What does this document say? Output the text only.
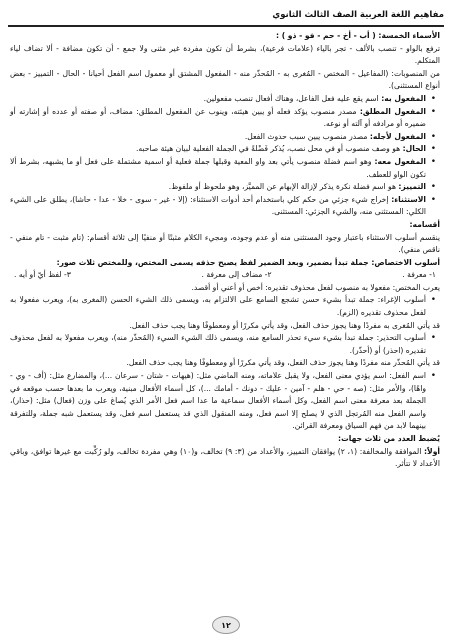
مفاهيم اللغة العربية الصف الثالث الثانوي

الأسماء الخمسة: ( أب - أخ - حم - فو - ذو ) :

ترفع بالواو - تنصب بالألف - تجر بالياء (علامات فرعية)، بشرط أن تكون مفردة غير مثنى ولا جمع - أن تكون مضافة - ألا تضاف لياء المتكلم.

من المنصوبات: (المفاعيل - المختص - المُغرى به - المُحذّر منه - المفعول المشتق أو معمول اسم الفعل أحيانا - الحال - التمييز - بعض أنواع المستثنى).

• المفعول به: اسم يقع عليه فعل الفاعل، وهناك أفعال تنصب مفعولين.
• المفعول المطلق: مصدر منصوب يؤكد فعله أو يبين هيئته، وينوب عن المفعول المطلق: مضاف، أو صفته أو عدده أو إشارته أو ضميره أو مرادفه أو آلته أو نوعه.
• المفعول لأجله: مصدر منصوب يبين سبب حدوث الفعل.
• الحال: هو وصف منصوب أو في محل نصب، يُذكر فَضْلةً في الجملة الفعلية لبيان هيئة صاحبه.
• المفعول معه: وهو اسم فضلة منصوب يأتي بعد واو المعية وقبلها جملة فعلية أو اسمية مشتملة على فعل أو ما يشبهه، بشرط ألا تكون الواو للعطف.
• التمييز: هو اسم فضلة نكرة يذكر لإزالة الإبهام عن المميَّز، وهو ملحوظ أو ملفوظ.
• الاستثناء: إخراج شيء جزئي من حكم كلي باستخدام أحد أدوات الاستثناء: (إلا - غير - سوى - خلا - عدا - حاشا)، يطلق على الشيء الكلي: المستثنى منه، والشيء الجزئي: المستثنى.

أقسامه:

ينقسم أسلوب الاستثناء باعتبار وجود المستثنى منه أو عدم وجوده، ومجيء الكلام مثبتًا أو منفيًا إلى ثلاثة أقسام: (تام مثبت - تام منفي - ناقص منفي).

أسلوب الاختصاص: جملة تبدأ بضمير، وبعد الضمير لفظ يصبح حذفه يسمى المختص، وللمختص ثلاث صور:

١- معرفة .
٢- مضاف إلى معرفة .
٣- لفظ أيّ أو أيه .

يعرب المختص: مفعولا به منصوب لفعل محذوف تقديره: أخص أو أعني أو أقصد.

• أسلوب الإغراء: جملة تبدأ بشيء حسن تشجع السامع على الالتزام به، ويسمى ذلك الشيء الحسن (المغرى به)، ويعرب مفعولا به لفعل محذوف تقديره (الزم).

قد يأتي المُغرى به مفردًا وهنا يجوز حذف الفعل، وقد يأتي مكررًا أو ومعطوفًا وهنا يجب حذف الفعل.

• أسلوب التحذير: جملة تبدأ بشيء سيء تحذر السامع منه، ويسمى ذلك الشيء السيء (المُحذّر منه)، ويعرب مفعولا به لفعل محذوف تقديره (احذر) أو (أحذّر).

قد يأتي المُحذّر منه مفردًا وهنا يجوز حذف الفعل، وقد يأتي مكررًا أو ومعطوفًا وهنا يجب حذف الفعل.

• اسم الفعل: اسم يؤدي معنى الفعل، ولا يقبل علاماته، ومنه الماضي مثل: (هيهات - شتان - سرعان ...)، والمضارع مثل: (أف - وي - واهًا)، والأمر مثل: (صه - حي - هلم - آمين - عليك - دونك - أمامك ...)، كل أسماء الأفعال مبنية، ويعرب ما بعدها حسب موقعه في الجملة بعد معرفة معنى اسم الفعل، وكل أسماء الأفعال سماعية ما عدا اسم فعل الأمر الذي يُصاغ على وزن (فعال) مثل: (حذار)، واسم الفعل منه المُرتجل الذي لا يصلح إلا اسم فعل، ومنه المنقول الذي قد يستعمل اسم فعل، وقد يستعمل شبه جملة، وللتفرقة بينهما لابد من فهم السياق ومعرفة القرائن.

يُضبط العدد من ثلاث جهات:

أولاً: الموافقة والمخالفة: (١، ٢) يوافقان التمييز، والأعداد من (٣: ٩) تخالف، و(١٠) وهي مفردة تخالف، ولو رُكِّبت مع غيرها توافق، وباقي الأعداد لا تتأثر.

١٢
